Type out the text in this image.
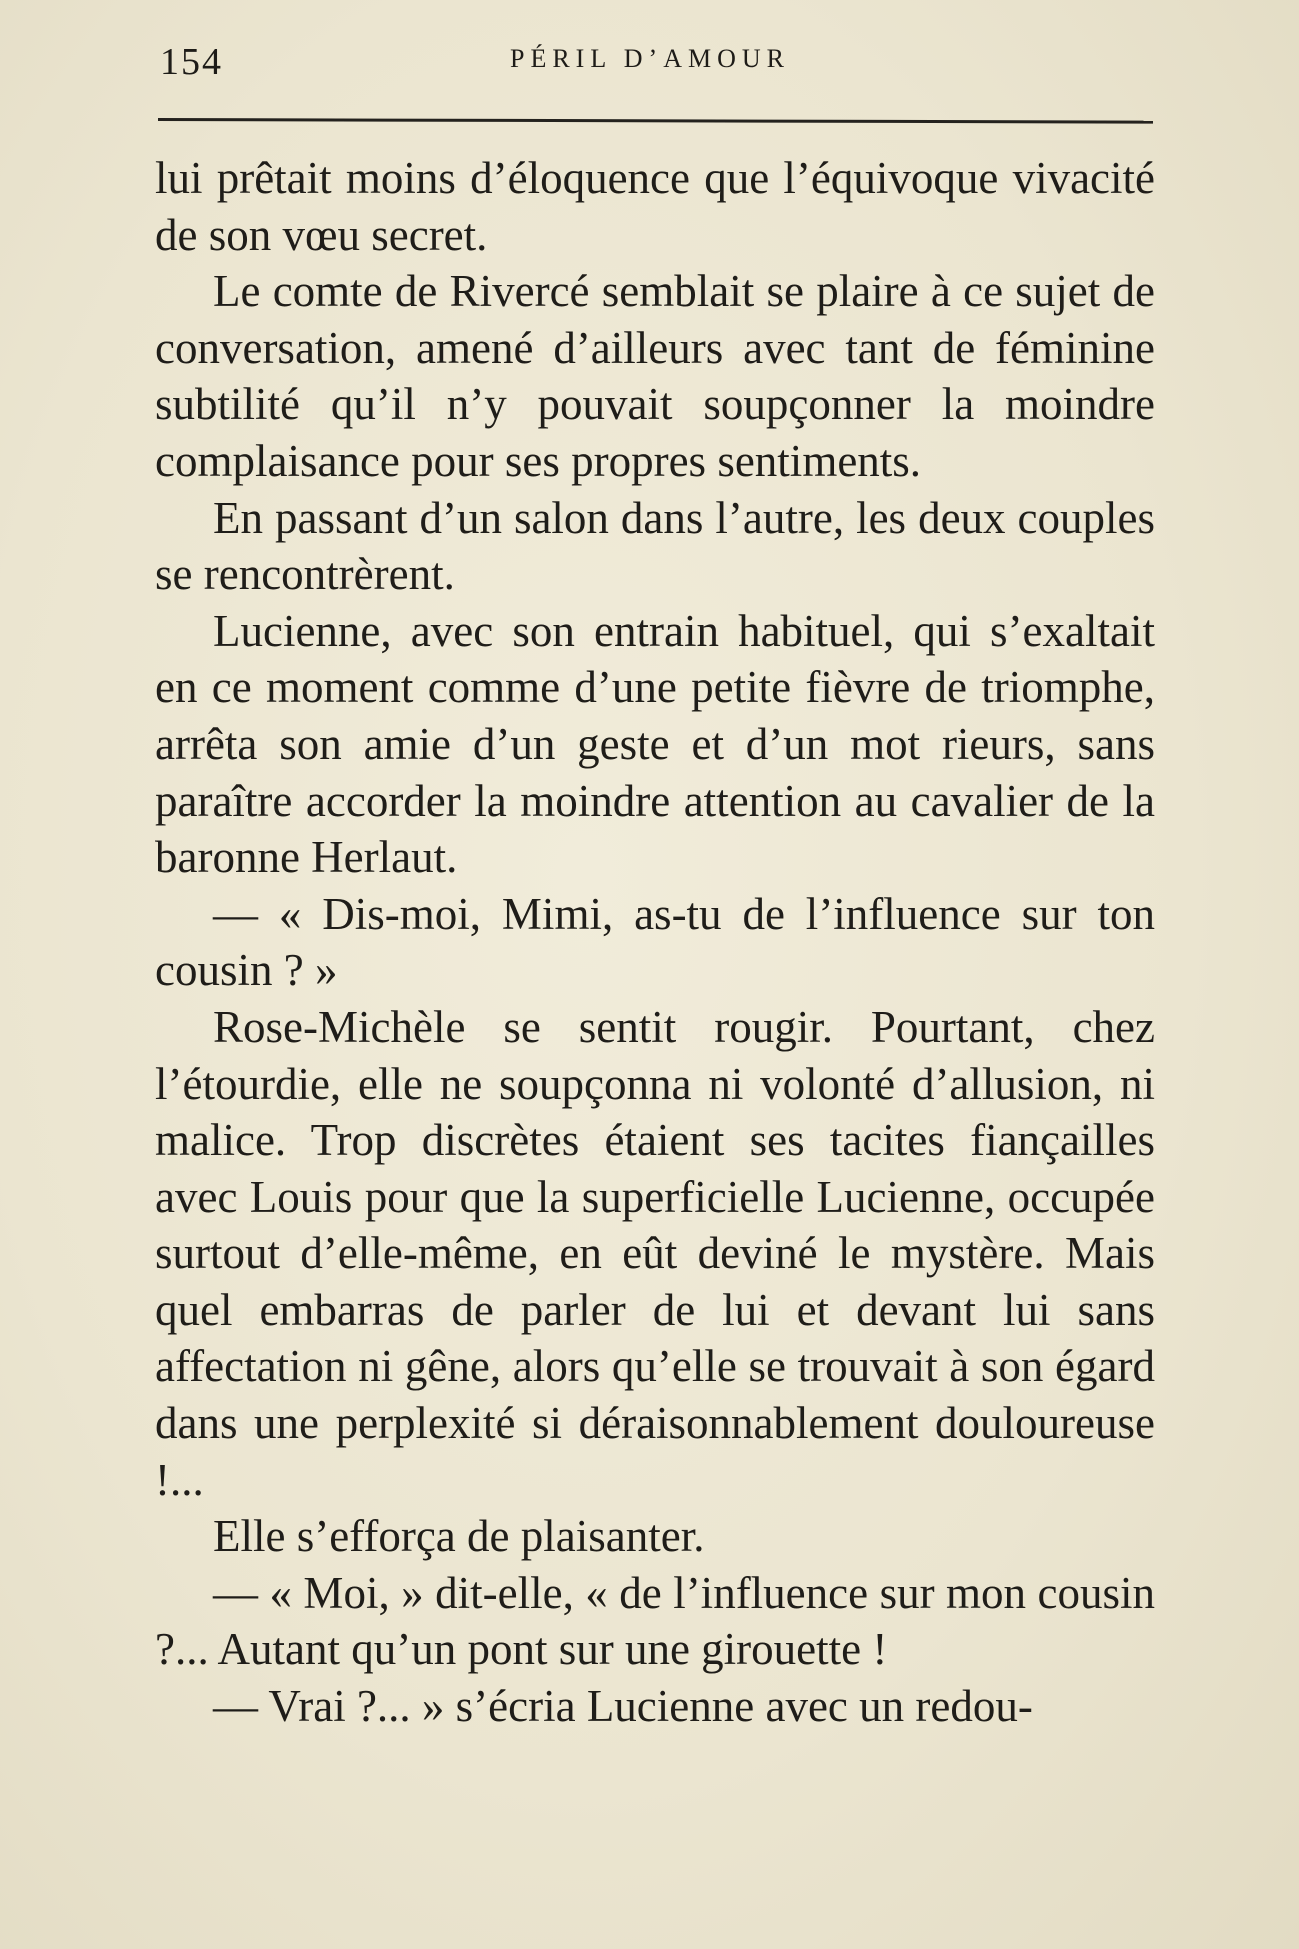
154	PÉRIL D’AMOUR

lui prêtait moins d’éloquence que l’équivoque vivacité de son vœu secret.

Le comte de Rivercé semblait se plaire à ce sujet de conversation, amené d’ailleurs avec tant de féminine subtilité qu’il n’y pouvait soupçonner la moindre complaisance pour ses propres sentiments.

En passant d’un salon dans l’autre, les deux couples se rencontrèrent.

Lucienne, avec son entrain habituel, qui s’exaltait en ce moment comme d’une petite fièvre de triomphe, arrêta son amie d’un geste et d’un mot rieurs, sans paraître accorder la moindre attention au cavalier de la baronne Herlaut.

— « Dis-moi, Mimi, as-tu de l’influence sur ton cousin ? »

Rose-Michèle se sentit rougir. Pourtant, chez l’étourdie, elle ne soupçonna ni volonté d’allusion, ni malice. Trop discrètes étaient ses tacites fiançailles avec Louis pour que la superficielle Lucienne, occupée surtout d’elle-même, en eût deviné le mystère. Mais quel embarras de parler de lui et devant lui sans affectation ni gêne, alors qu’elle se trouvait à son égard dans une perplexité si déraisonnablement douloureuse !...

Elle s’efforça de plaisanter.

— « Moi, » dit-elle, « de l’influence sur mon cousin ?... Autant qu’un pont sur une girouette !

— Vrai ?... » s’écria Lucienne avec un redou-
